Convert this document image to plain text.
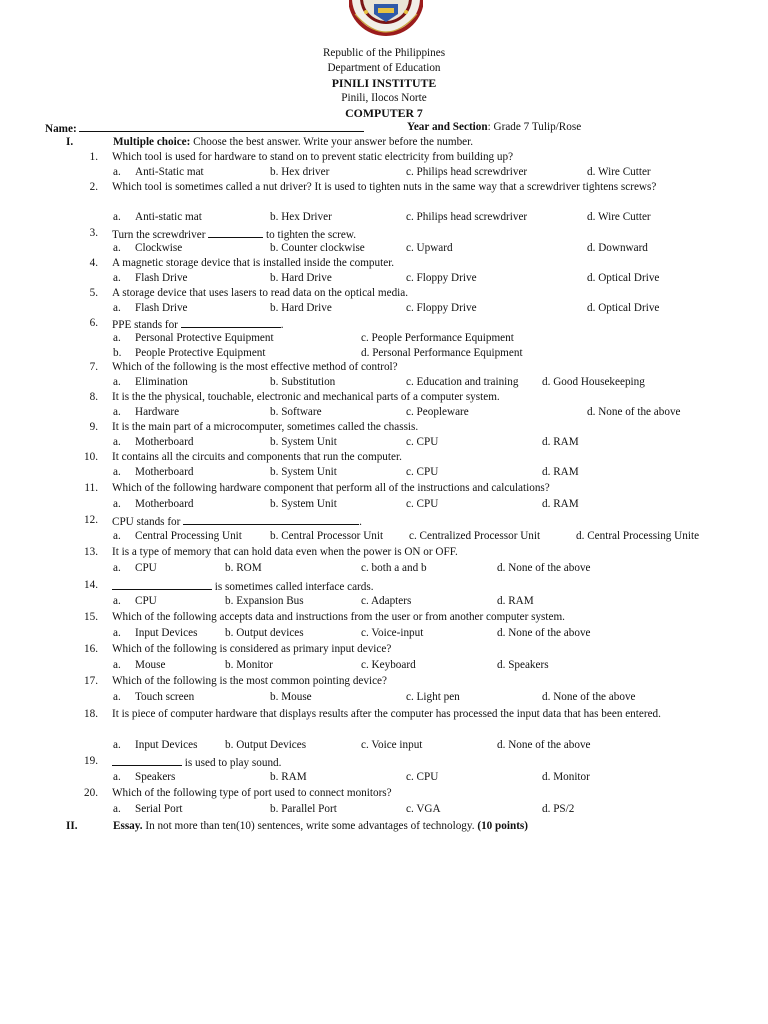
Republic of the Philippines
Department of Education
PINILI INSTITUTE
Pinili, Ilocos Norte
COMPUTER 7
Name:	Year and Section: Grade 7 Tulip/Rose
I.	Multiple choice: Choose the best answer. Write your answer before the number.
1. Which tool is used for hardware to stand on to prevent static electricity from building up?
a. Anti-Static mat	b. Hex driver	c. Philips head screwdriver	d. Wire Cutter
2. Which tool is sometimes called a nut driver? It is used to tighten nuts in the same way that a screwdriver tightens screws?
a. Anti-static mat	b. Hex Driver	c. Philips head screwdriver	d. Wire Cutter
3. Turn the screwdriver	to tighten the screw.
a. Clockwise	b. Counter clockwise	c. Upward	d. Downward
4. A magnetic storage device that is installed inside the computer.
a. Flash Drive	b. Hard Drive	c. Floppy Drive	d. Optical Drive
5. A storage device that uses lasers to read data on the optical media.
a. Flash Drive	b. Hard Drive	c. Floppy Drive	d. Optical Drive
6. PPE stands for	.
a. Personal Protective Equipment	c. People Performance Equipment
b. People Protective Equipment	d. Personal Performance Equipment
7. Which of the following is the most effective method of control?
a. Elimination	b. Substitution	c. Education and training d. Good Housekeeping
8. It is the the physical, touchable, electronic and mechanical parts of a computer system.
a. Hardware	b. Software	c. Peopleware	d. None of the above
9. It is the main part of a microcomputer, sometimes called the chassis.
a. Motherboard	b. System Unit	c. CPU	d. RAM
10. It contains all the circuits and components that run the computer.
a. Motherboard	b. System Unit	c. CPU	d. RAM
11. Which of the following hardware component that perform all of the instructions and calculations?
a. Motherboard	b. System Unit	c. CPU	d. RAM
12. CPU stands for	.
a. Central Processing Unit	b. Central Processor Unit c. Centralized Processor Unit	d. Central Processing Unite
13. It is a type of memory that can hold data even when the power is ON or OFF.
a. CPU	b. ROM	c. both a and b	d. None of the above
14.	is sometimes called interface cards.
a. CPU	b. Expansion Bus	c. Adapters	d. RAM
15. Which of the following accepts data and instructions from the user or from another computer system.
a. Input Devices b. Output devices	c. Voice-input	d. None of the above
16. Which of the following is considered as primary input device?
a. Mouse	b. Monitor	c. Keyboard	d. Speakers
17. Which of the following is the most common pointing device?
a. Touch screen	b. Mouse	c. Light pen	d. None of the above
18. It is piece of computer hardware that displays results after the computer has processed the input data that has been entered.
a. Input Devices b. Output Devices	c. Voice input	d. None of the above
19.	is used to play sound.
a. Speakers	b. RAM	c. CPU	d. Monitor
20. Which of the following type of port used to connect monitors?
a. Serial Port	b. Parallel Port	c. VGA	d. PS/2
II.	Essay. In not more than ten(10) sentences, write some advantages of technology. (10 points)
